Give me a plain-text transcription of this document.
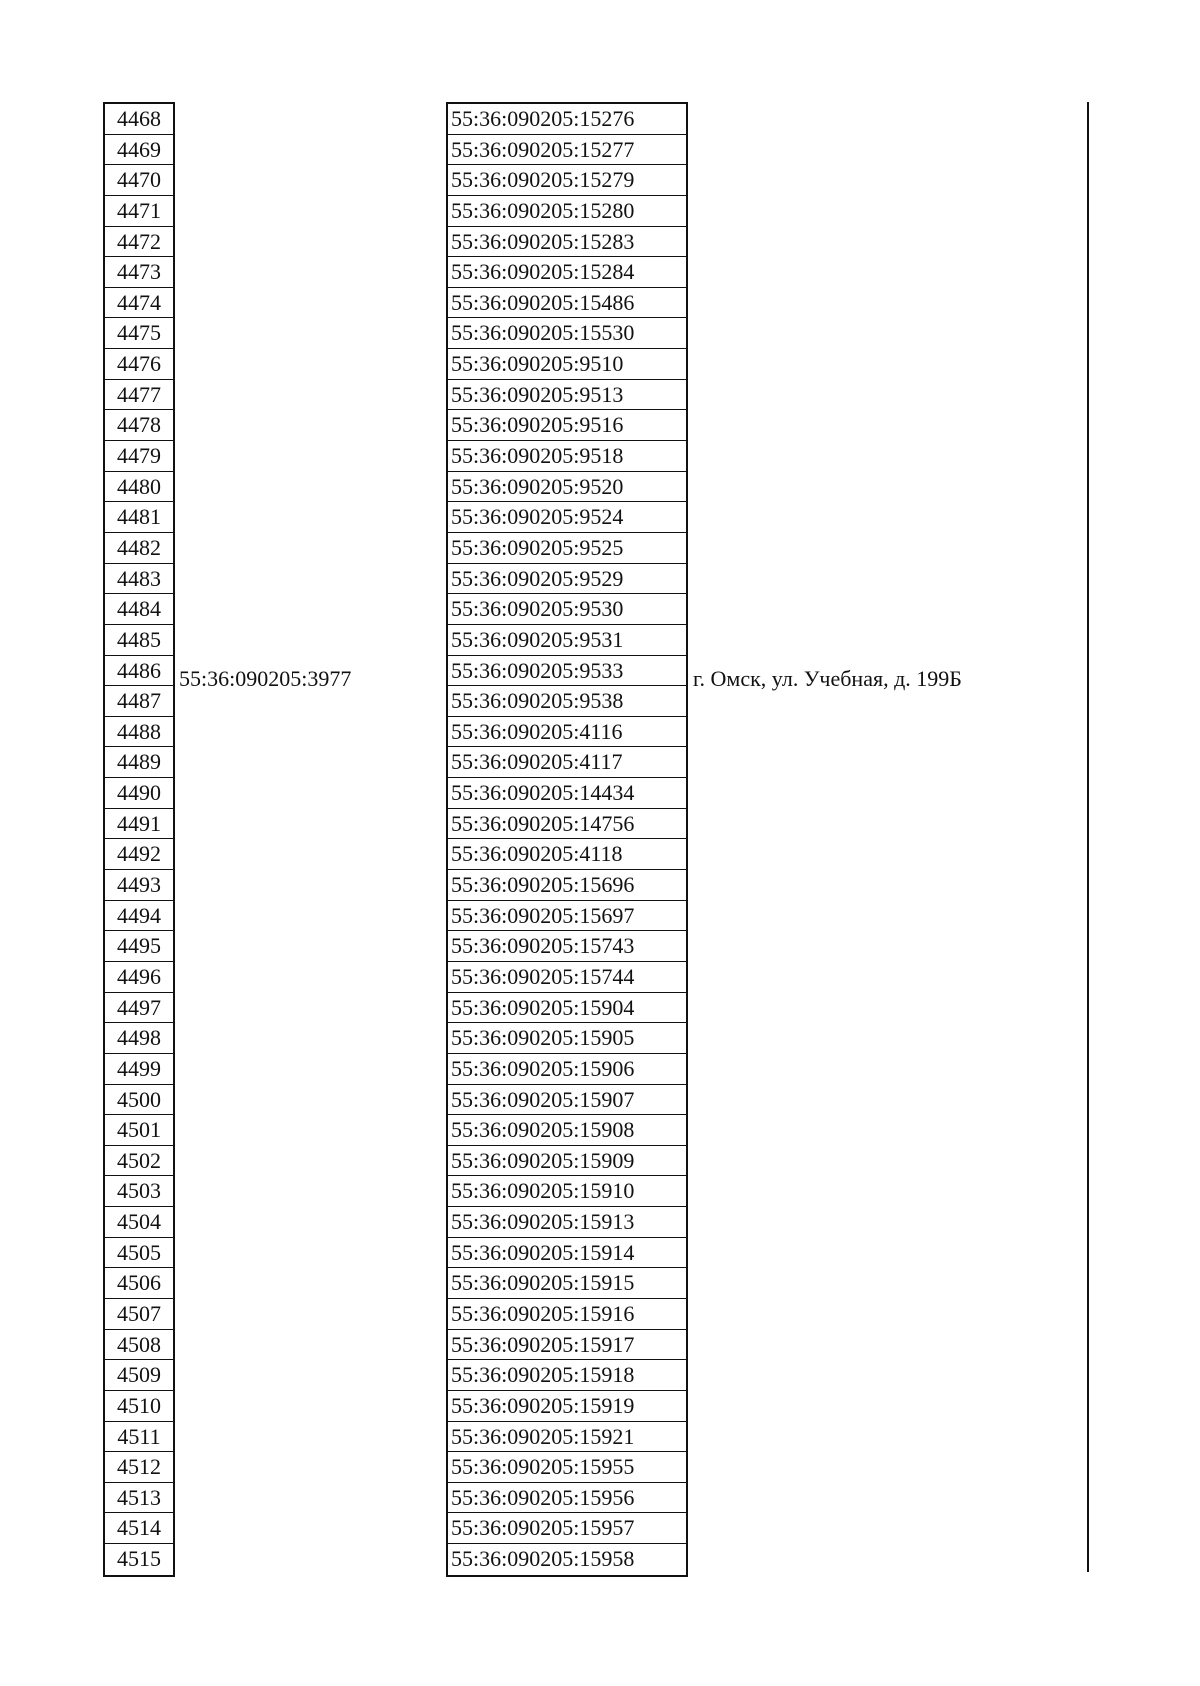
4468
4469
4470
4471
4472
4473
4474
4475
4476
4477
4478
4479
4480
4481
4482
4483
4484
4485
4486
4487
4488
4489
4490
4491
4492
4493
4494
4495
4496
4497
4498
4499
4500
4501
4502
4503
4504
4505
4506
4507
4508
4509
4510
4511
4512
4513
4514
4515
55:36:090205:3977
55:36:090205:15276
55:36:090205:15277
55:36:090205:15279
55:36:090205:15280
55:36:090205:15283
55:36:090205:15284
55:36:090205:15486
55:36:090205:15530
55:36:090205:9510
55:36:090205:9513
55:36:090205:9516
55:36:090205:9518
55:36:090205:9520
55:36:090205:9524
55:36:090205:9525
55:36:090205:9529
55:36:090205:9530
55:36:090205:9531
55:36:090205:9533
55:36:090205:9538
55:36:090205:4116
55:36:090205:4117
55:36:090205:14434
55:36:090205:14756
55:36:090205:4118
55:36:090205:15696
55:36:090205:15697
55:36:090205:15743
55:36:090205:15744
55:36:090205:15904
55:36:090205:15905
55:36:090205:15906
55:36:090205:15907
55:36:090205:15908
55:36:090205:15909
55:36:090205:15910
55:36:090205:15913
55:36:090205:15914
55:36:090205:15915
55:36:090205:15916
55:36:090205:15917
55:36:090205:15918
55:36:090205:15919
55:36:090205:15921
55:36:090205:15955
55:36:090205:15956
55:36:090205:15957
55:36:090205:15958
г. Омск, ул. Учебная, д. 199Б
